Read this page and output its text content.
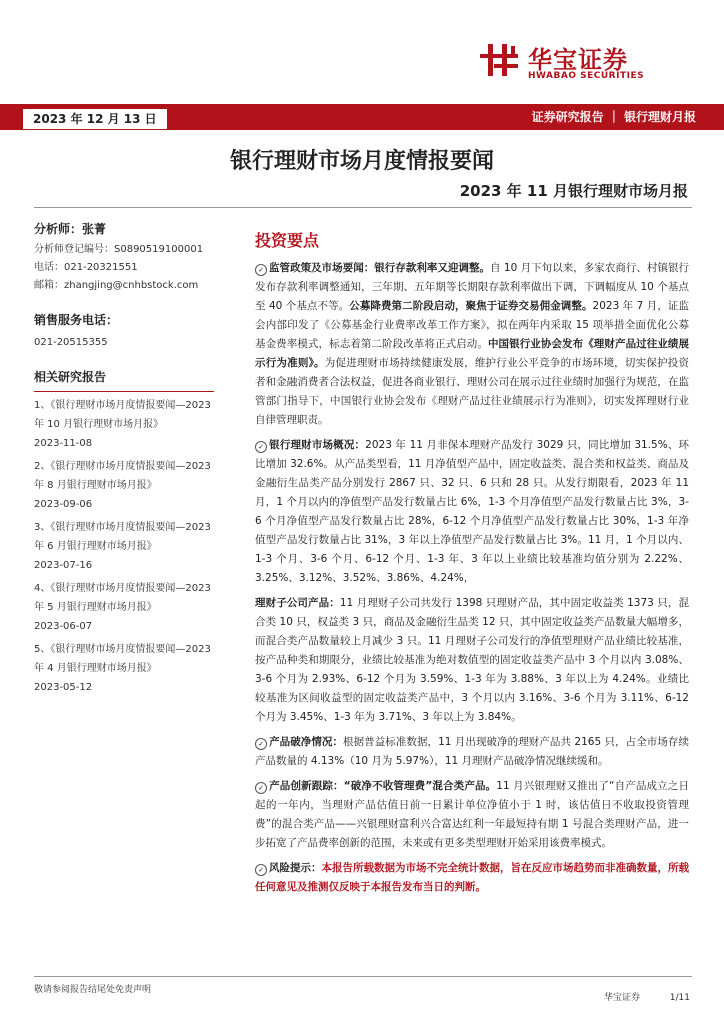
华宝证券
HWABAO SECURITIES
2023 年 12 月 13 日	证券研究报告 ｜ 银行理财月报
银行理财市场月度情报要闻
2023 年 11 月银行理财市场月报
分析师：张菁
分析师登记编号：S0890519100001
电话：021-20321551
邮箱：zhangjing@cnhbstock.com
销售服务电话：
021-20515355
相关研究报告
1、《银行理财市场月度情报要闻—2023 年 10 月银行理财市场月报》
2023-11-08
2、《银行理财市场月度情报要闻—2023 年 8 月银行理财市场月报》
2023-09-06
3、《银行理财市场月度情报要闻—2023 年 6 月银行理财市场月报》
2023-07-16
4、《银行理财市场月度情报要闻—2023 年 5 月银行理财市场月报》
2023-06-07
5、《银行理财市场月度情报要闻—2023 年 4 月银行理财市场月报》
2023-05-12
投资要点

✓ 监管政策及市场要闻：银行存款利率又迎调整。自 10 月下旬以来，多家农商行、村镇银行发布存款利率调整通知，三年期、五年期等长期限存款利率做出下调，下调幅度从 10 个基点至 40 个基点不等。公募降费第二阶段启动，聚焦于证券交易佣金调整。2023 年 7 月，证监会内部印发了《公募基金行业费率改革工作方案》，拟在两年内采取 15 项举措全面优化公募基金费率模式，标志着第二阶段改革将正式启动。中国银行业协会发布《理财产品过往业绩展示行为准则》。为促进理财市场持续健康发展，维护行业公平竞争的市场环境，切实保护投资者和金融消费者合法权益，促进各商业银行、理财公司在展示过往业绩时加强行为规范，在监管部门指导下，中国银行业协会发布《理财产品过往业绩展示行为准则》，切实发挥理财行业自律管理职责。

✓ 银行理财市场概况：2023 年 11 月非保本理财产品发行 3029 只，同比增加 31.5%、环比增加 32.6%。从产品类型看，11 月净值型产品中，固定收益类、混合类和权益类、商品及金融衍生品类产品分别发行 2867 只、32 只、6 只和 28 只。从发行期限看，2023 年 11 月，1 个月以内的净值型产品发行数量占比 6%，1-3 个月净值型产品发行数量占比 3%，3-6 个月净值型产品发行数量占比 28%，6-12 个月净值型产品发行数量占比 30%，1-3 年净值型产品发行数量占比 31%，3 年以上净值型产品发行数量占比 3%。11 月，1 个月以内、1-3 个月、3-6 个月、6-12 个月、1-3 年、3 年以上业绩比较基准均值分别为 2.22%、3.25%、3.12%、3.52%、3.86%、4.24%，

理财子公司产品：11 月理财子公司共发行 1398 只理财产品，其中固定收益类 1373 只，混合类 10 只，权益类 3 只，商品及金融衍生品类 12 只，其中固定收益类产品数量大幅增多，而混合类产品数量较上月减少 3 只。11 月理财子公司发行的净值型理财产品业绩比较基准，按产品种类和期限分，业绩比较基准为绝对数值型的固定收益类产品中 3 个月以内 3.08%、3-6 个月为 2.93%、6-12 个月为 3.59%、1-3 年为 3.88%、3 年以上为 4.24%。业绩比较基准为区间收益型的固定收益类产品中，3 个月以内 3.16%、3-6 个月为 3.11%、6-12 个月为 3.45%、1-3 年为 3.71%、3 年以上为 3.84%。

✓ 产品破净情况：根据普益标准数据，11 月出现破净的理财产品共 2165 只，占全市场存续产品数量的 4.13%（10 月为 5.97%），11 月理财产品破净情况继续缓和。

✓ 产品创新跟踪：“破净不收管理费”混合类产品。11 月兴银理财又推出了“自产品成立之日起的一年内，当理财产品估值日前一日累计单位净值小于 1 时，该估值日不收取投资管理费”的混合类产品——兴银理财富利兴合富达红利一年最短持有期 1 号混合类理财产品，进一步拓宽了产品费率创新的范围，未来或有更多类型理财开始采用该费率模式。

✓ 风险提示：本报告所载数据为市场不完全统计数据，旨在反应市场趋势而非准确数量，所载任何意见及推测仅反映于本报告发布当日的判断。

敬请参阅报告结尾处免责声明
华宝证券	1/11
